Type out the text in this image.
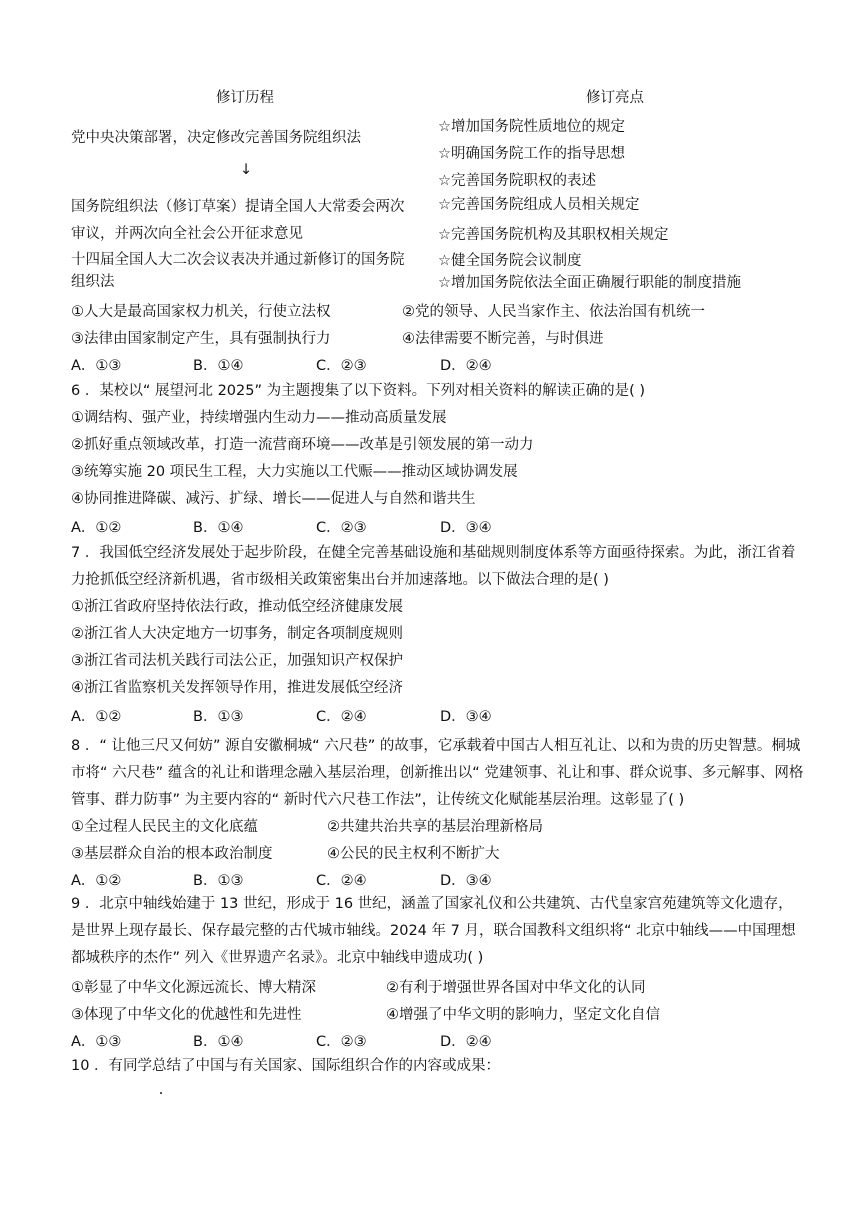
修订历程	修订亮点
党中央决策部署，决定修改完善国务院组织法
↓
国务院组织法（修订草案）提请全国人大常委会两次
审议，并两次向全社会公开征求意见
十四届全国人大二次会议表决并通过新修订的国务院
组织法
☆增加国务院性质地位的规定
☆明确国务院工作的指导思想
☆完善国务院职权的表述
☆完善国务院组成人员相关规定
☆完善国务院机构及其职权相关规定
☆健全国务院会议制度
☆增加国务院依法全面正确履行职能的制度措施
①人大是最高国家权力机关，行使立法权	②党的领导、人民当家作主、依法治国有机统一
③法律由国家制定产生，具有强制执行力	④法律需要不断完善，与时俱进
A．①③	B．①④	C．②③	D．②④
6 ．某校以“ 展望河北 2025” 为主题搜集了以下资料。下列对相关资料的解读正确的是( )
①调结构、强产业，持续增强内生动力——推动高质量发展
②抓好重点领域改革，打造一流营商环境——改革是引领发展的第一动力
③统筹实施 20 项民生工程，大力实施以工代赈——推动区域协调发展
④协同推进降碳、减污、扩绿、增长——促进人与自然和谐共生
A．①②	B．①④	C．②③	D．③④
7 ．我国低空经济发展处于起步阶段，在健全完善基础设施和基础规则制度体系等方面亟待探索。为此，浙江省着力抢抓低空经济新机遇，省市级相关政策密集出台并加速落地。以下做法合理的是( )
①浙江省政府坚持依法行政，推动低空经济健康发展
②浙江省人大决定地方一切事务，制定各项制度规则
③浙江省司法机关践行司法公正，加强知识产权保护
④浙江省监察机关发挥领导作用，推进发展低空经济
A．①②	B．①③	C．②④	D．③④
8 ．“ 让他三尺又何妨” 源自安徽桐城“ 六尺巷” 的故事，它承载着中国古人相互礼让、以和为贵的历史智慧。桐城市将“ 六尺巷” 蕴含的礼让和谐理念融入基层治理，创新推出以“ 党建领事、礼让和事、群众说事、多元解事、网格管事、群力防事” 为主要内容的“ 新时代六尺巷工作法”，让传统文化赋能基层治理。这彰显了( )
①全过程人民民主的文化底蕴	②共建共治共享的基层治理新格局
③基层群众自治的根本政治制度	④公民的民主权利不断扩大
A．①②	B．①③	C．②④	D．③④
9 ．北京中轴线始建于 13 世纪，形成于 16 世纪，涵盖了国家礼仪和公共建筑、古代皇家宫苑建筑等文化遗存，是世界上现存最长、保存最完整的古代城市轴线。2024 年 7 月，联合国教科文组织将“ 北京中轴线——中国理想都城秩序的杰作” 列入《世界遗产名录》。北京中轴线申遗成功( )
①彰显了中华文化源远流长、博大精深	②有利于增强世界各国对中华文化的认同
③体现了中华文化的优越性和先进性	④增强了中华文明的影响力，坚定文化自信
A．①③	B．①④	C．②③	D．②④
10 ．有同学总结了中国与有关国家、国际组织合作的内容或成果：
